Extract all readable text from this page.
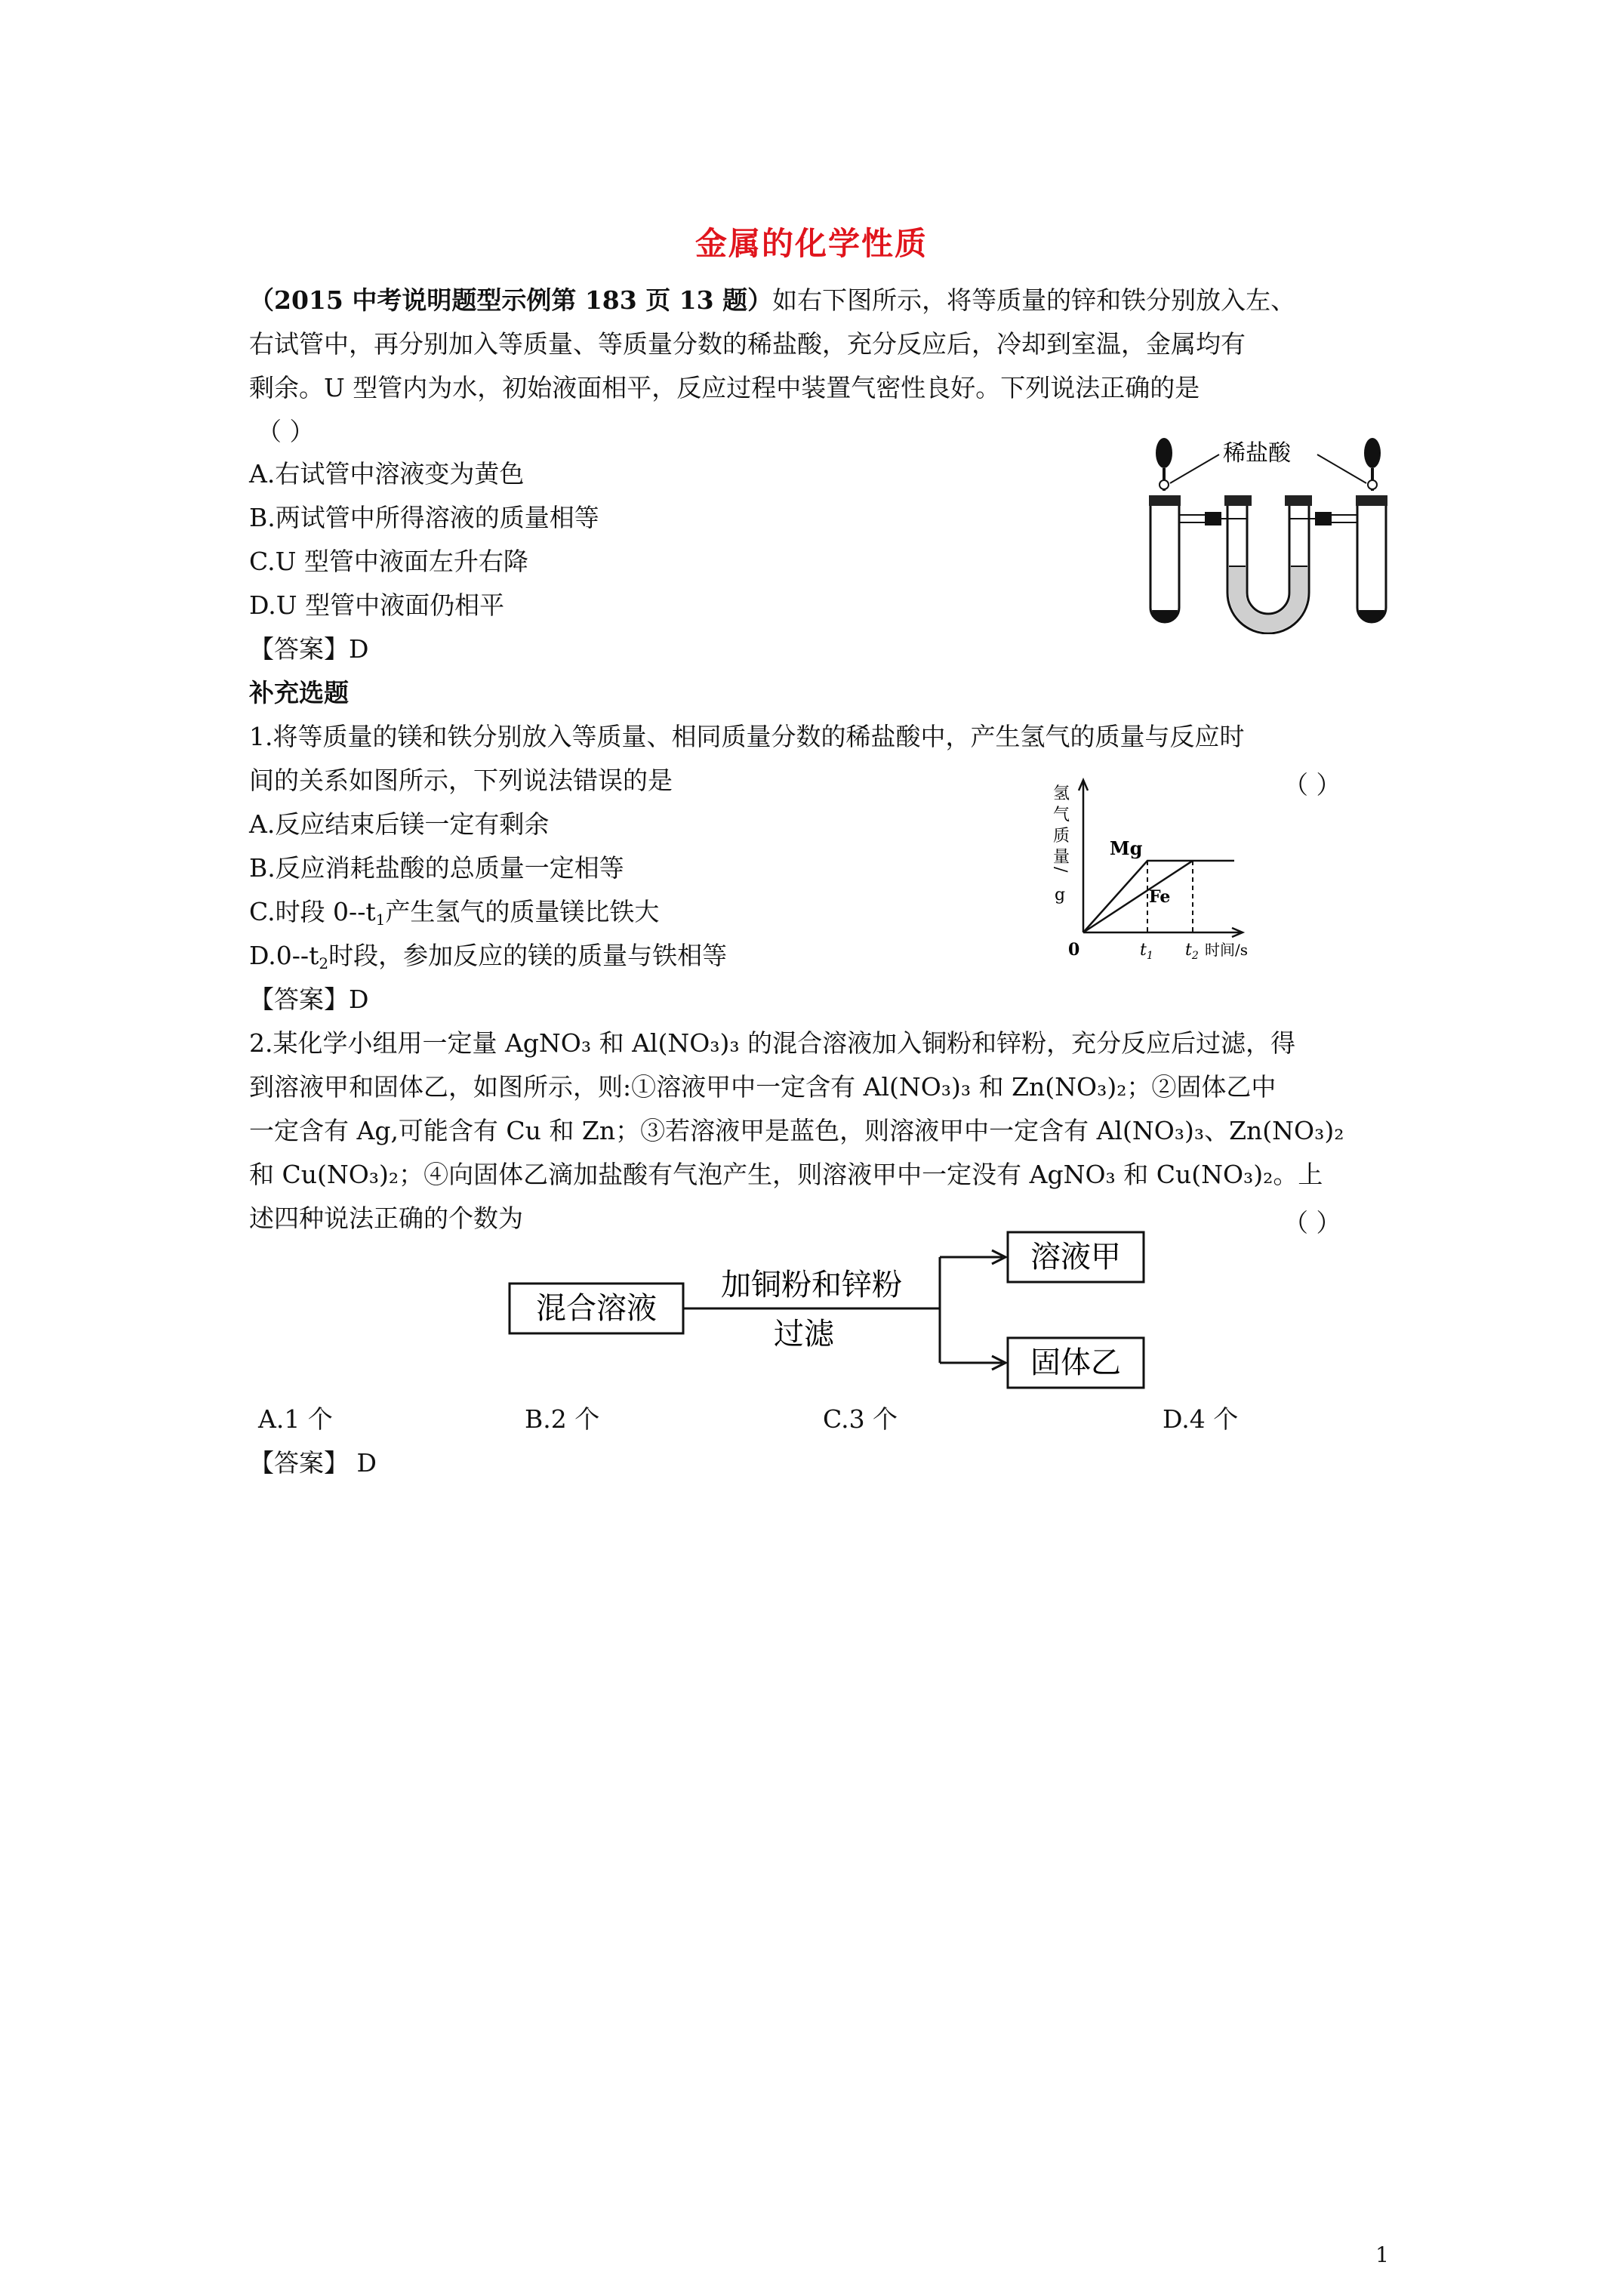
金属的化学性质
（2015 中考说明题型示例第 183 页 13 题）如右下图所示，将等质量的锌和铁分别放入左、
右试管中，再分别加入等质量、等质量分数的稀盐酸，充分反应后，冷却到室温，金属均有
剩余。U 型管内为水，初始液面相平，反应过程中装置气密性良好。下列说法正确的是
（ ）
A.右试管中溶液变为黄色
B.两试管中所得溶液的质量相等
C.U 型管中液面左升右降
D.U 型管中液面仍相平
【答案】D
稀盐酸
补充选题
1.将等质量的镁和铁分别放入等质量、相同质量分数的稀盐酸中，产生氢气的质量与反应时
间的关系如图所示，下列说法错误的是	（ ）
A.反应结束后镁一定有剩余
B.反应消耗盐酸的总质量一定相等
C.时段 $0--t_1$产生氢气的质量镁比铁大
$D.0--t_2$时段，参加反应的镁的质量与铁相等
【答案】D
氢
气
质
量
/
g
Mg
Fe
0	$t_1$ $t_2$ 时间/s
2.某化学小组用一定量 AgNO₃ 和 Al(NO₃)₃ 的混合溶液加入铜粉和锌粉，充分反应后过滤，得
到溶液甲和固体乙，如图所示，则:①溶液甲中一定含有 Al(NO₃)₃ 和 Zn(NO₃)₂；②固体乙中
一定含有 Ag,可能含有 Cu 和 Zn；③若溶液甲是蓝色，则溶液甲中一定含有 Al(NO₃)₃、Zn(NO₃)₂
和 Cu(NO₃)₂；④向固体乙滴加盐酸有气泡产生，则溶液甲中一定没有 AgNO₃ 和 Cu(NO₃)₂。上
述四种说法正确的个数为	（ ）
混合溶液
加铜粉和锌粉
过滤
溶液甲
固体乙
A.1 个	B.2 个	C.3 个	D.4 个
【答案】 D
1
